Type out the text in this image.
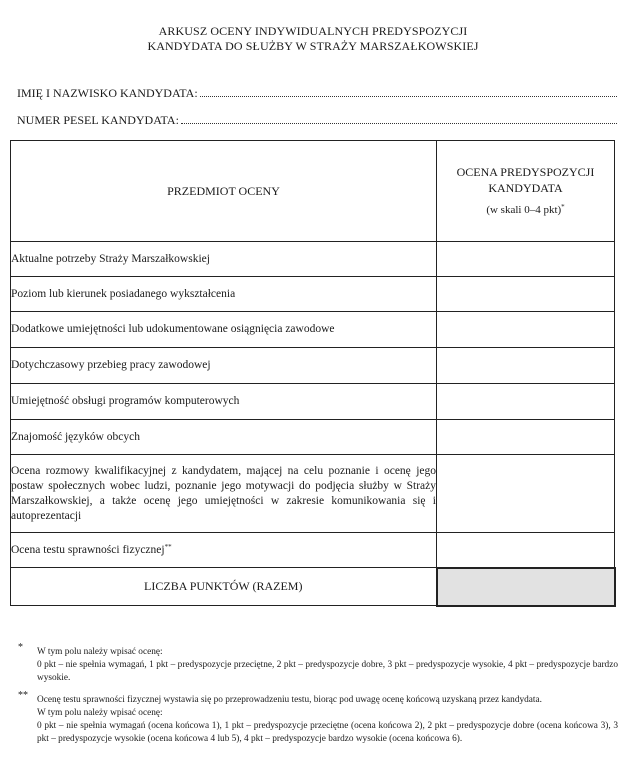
ARKUSZ OCENY INDYWIDUALNYCH PREDYSPOZYCJI
KANDYDATA DO SŁUŻBY W STRAŻY MARSZAŁKOWSKIEJ
IMIĘ I NAZWISKO KANDYDATA:
NUMER PESEL KANDYDATA:
PRZEDMIOT OCENY	OCENA PREDYSPOZYCJI
KANDYDATA
(w skali 0–4 pkt)*
Aktualne potrzeby Straży Marszałkowskiej	
Poziom lub kierunek posiadanego wykształcenia	
Dodatkowe umiejętności lub udokumentowane osiągnięcia zawodowe	
Dotychczasowy przebieg pracy zawodowej	
Umiejętność obsługi programów komputerowych	
Znajomość języków obcych	
Ocena rozmowy kwalifikacyjnej z kandydatem, mającej na celu poznanie i ocenę jego postaw społecznych wobec ludzi, poznanie jego motywacji do podjęcia służby w Straży Marszałkowskiej, a także ocenę jego umiejętności w zakresie komunikowania się i autoprezentacji	
Ocena testu sprawności fizycznej**	
LICZBA PUNKTÓW (RAZEM)	
* W tym polu należy wpisać ocenę:
0 pkt – nie spełnia wymagań, 1 pkt – predyspozycje przeciętne, 2 pkt – predyspozycje dobre, 3 pkt – predyspozycje wysokie, 4 pkt – predyspozycje bardzo wysokie.
** Ocenę testu sprawności fizycznej wystawia się po przeprowadzeniu testu, biorąc pod uwagę ocenę końcową uzyskaną przez kandydata.
W tym polu należy wpisać ocenę:
0 pkt – nie spełnia wymagań (ocena końcowa 1), 1 pkt – predyspozycje przeciętne (ocena końcowa 2), 2 pkt – predyspozycje dobre (ocena końcowa 3), 3 pkt – predyspozycje wysokie (ocena końcowa 4 lub 5), 4 pkt – predyspozycje bardzo wysokie (ocena końcowa 6).
